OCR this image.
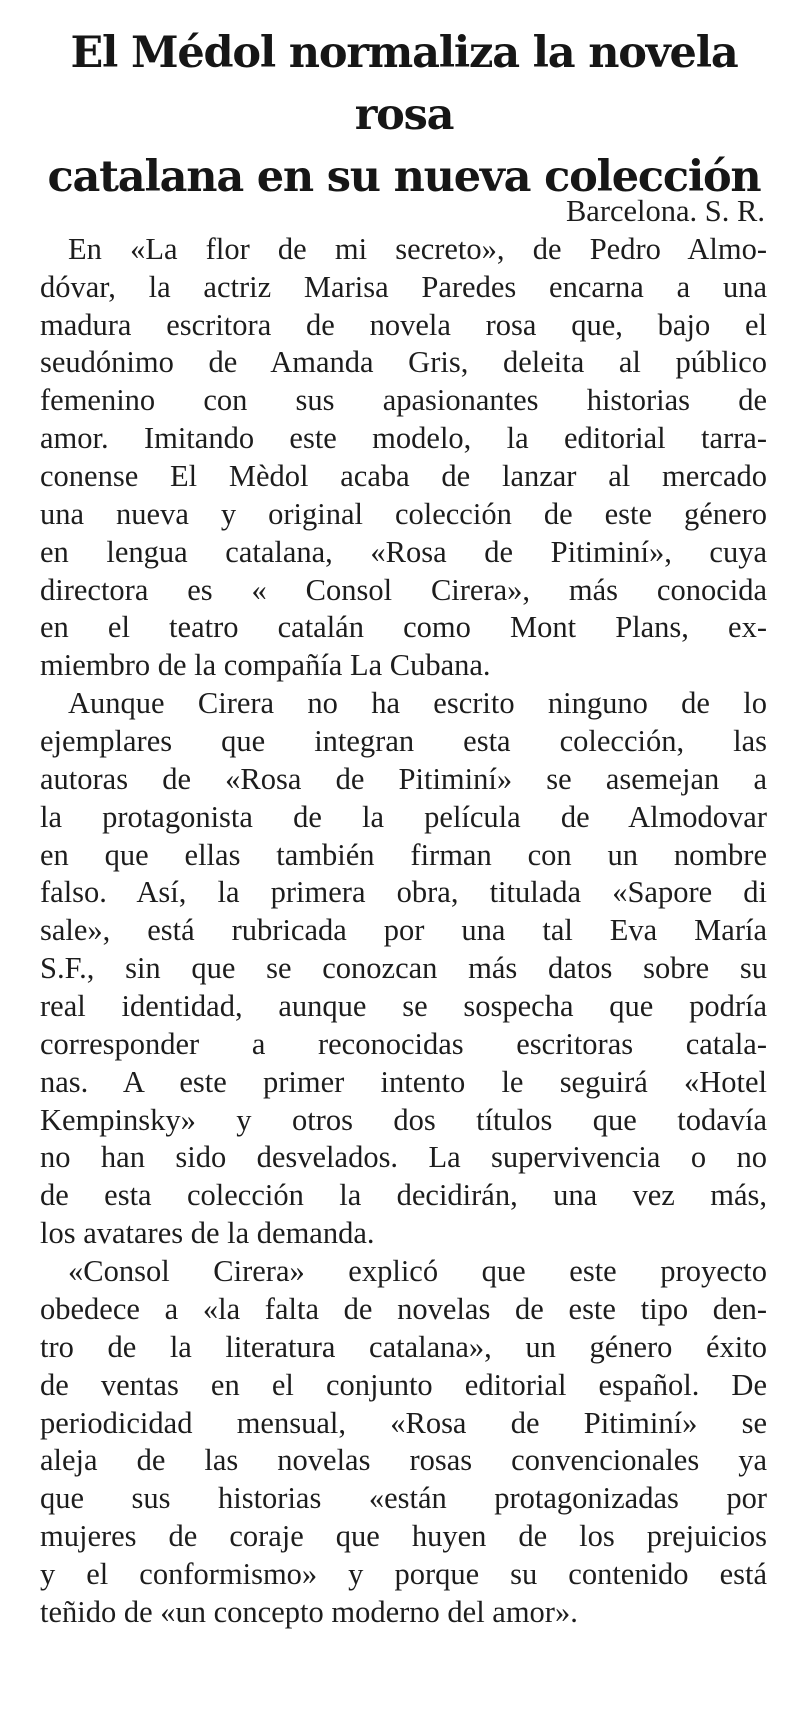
El Médol normaliza la novela rosa
catalana en su nueva colección
Barcelona. S. R.
En «La flor de mi secreto», de Pedro Almo-
dóvar, la actriz Marisa Paredes encarna a una
madura escritora de novela rosa que, bajo el
seudónimo de Amanda Gris, deleita al público
femenino con sus apasionantes historias de
amor. Imitando este modelo, la editorial tarra-
conense El Mèdol acaba de lanzar al mercado
una nueva y original colección de este género
en lengua catalana, «Rosa de Pitiminí», cuya
directora es « Consol Cirera», más conocida
en el teatro catalán como Mont Plans, ex-
miembro de la compañía La Cubana.
Aunque Cirera no ha escrito ninguno de lo
ejemplares que integran esta colección, las
autoras de «Rosa de Pitiminí» se asemejan a
la protagonista de la película de Almodovar
en que ellas también firman con un nombre
falso. Así, la primera obra, titulada «Sapore di
sale», está rubricada por una tal Eva María
S.F., sin que se conozcan más datos sobre su
real identidad, aunque se sospecha que podría
corresponder a reconocidas escritoras catala-
nas. A este primer intento le seguirá «Hotel
Kempinsky» y otros dos títulos que todavía
no han sido desvelados. La supervivencia o no
de esta colección la decidirán, una vez más,
los avatares de la demanda.
«Consol Cirera» explicó que este proyecto
obedece a «la falta de novelas de este tipo den-
tro de la literatura catalana», un género éxito
de ventas en el conjunto editorial español. De
periodicidad mensual, «Rosa de Pitiminí» se
aleja de las novelas rosas convencionales ya
que sus historias «están protagonizadas por
mujeres de coraje que huyen de los prejuicios
y el conformismo» y porque su contenido está
teñido de «un concepto moderno del amor».
